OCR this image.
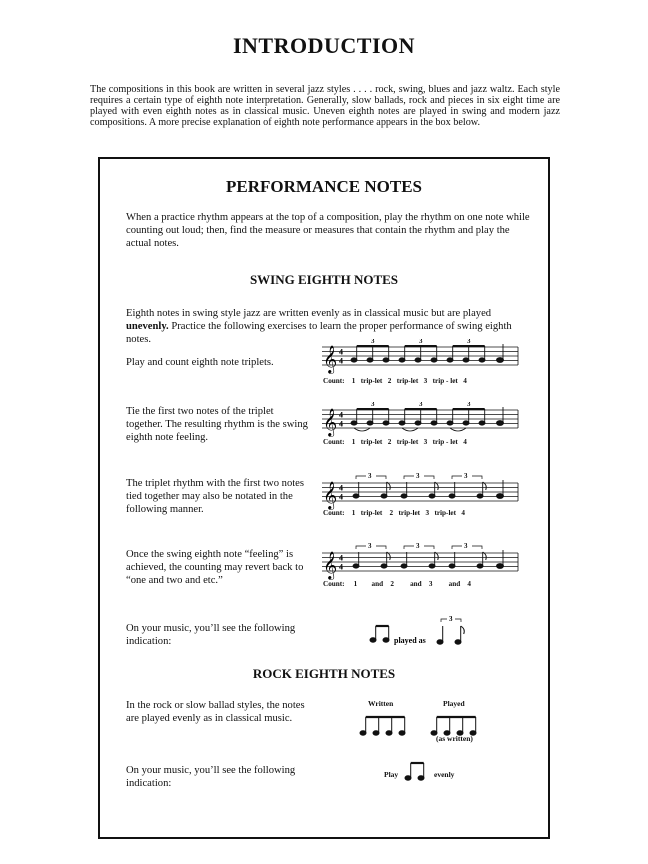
INTRODUCTION
The compositions in this book are written in several jazz styles . . . . rock, swing, blues and jazz waltz. Each style requires a certain type of eighth note interpretation. Generally, slow ballads, rock and pieces in six eight time are played with even eighth notes as in classical music. Uneven eighth notes are played in swing and modern jazz compositions. A more precise explanation of eighth note performance appears in the box below.
PERFORMANCE NOTES
When a practice rhythm appears at the top of a composition, play the rhythm on one note while counting out loud; then, find the measure or measures that contain the rhythm and play the actual notes.
SWING EIGHTH NOTES
Eighth notes in swing style jazz are written evenly as in classical music but are played unevenly. Practice the following exercises to learn the proper performance of swing eighth notes.
Play and count eighth note triplets.	𝄞 4
4
3	3	3
Count: 1 trip-let 2 trip-let 3 trip - let 4
Tie the first two notes of the triplet together. The resulting rhythm is the swing eighth note feeling.
𝄞 4
4
3	3	3
Count: 1 trip-let 2 trip-let 3 trip - let 4
The triplet rhythm with the first two notes tied together may also be notated in the following manner.
𝄞 4
4
3	3	3
Count: 1 trip-let 2 trip-let 3 trip-let 4
Once the swing eighth note “feeling” is achieved, the counting may revert back to “one and two and etc.”
𝄞 4
4
3	3	3
Count: 1 and 2 and 3 and 4
On your music, you’ll see the following indication:	played as
3
ROCK EIGHTH NOTES
In the rock or slow ballad styles, the notes are played evenly as in classical music.
Written	Played
(as written)
On your music, you’ll see the following indication:
Play	evenly
